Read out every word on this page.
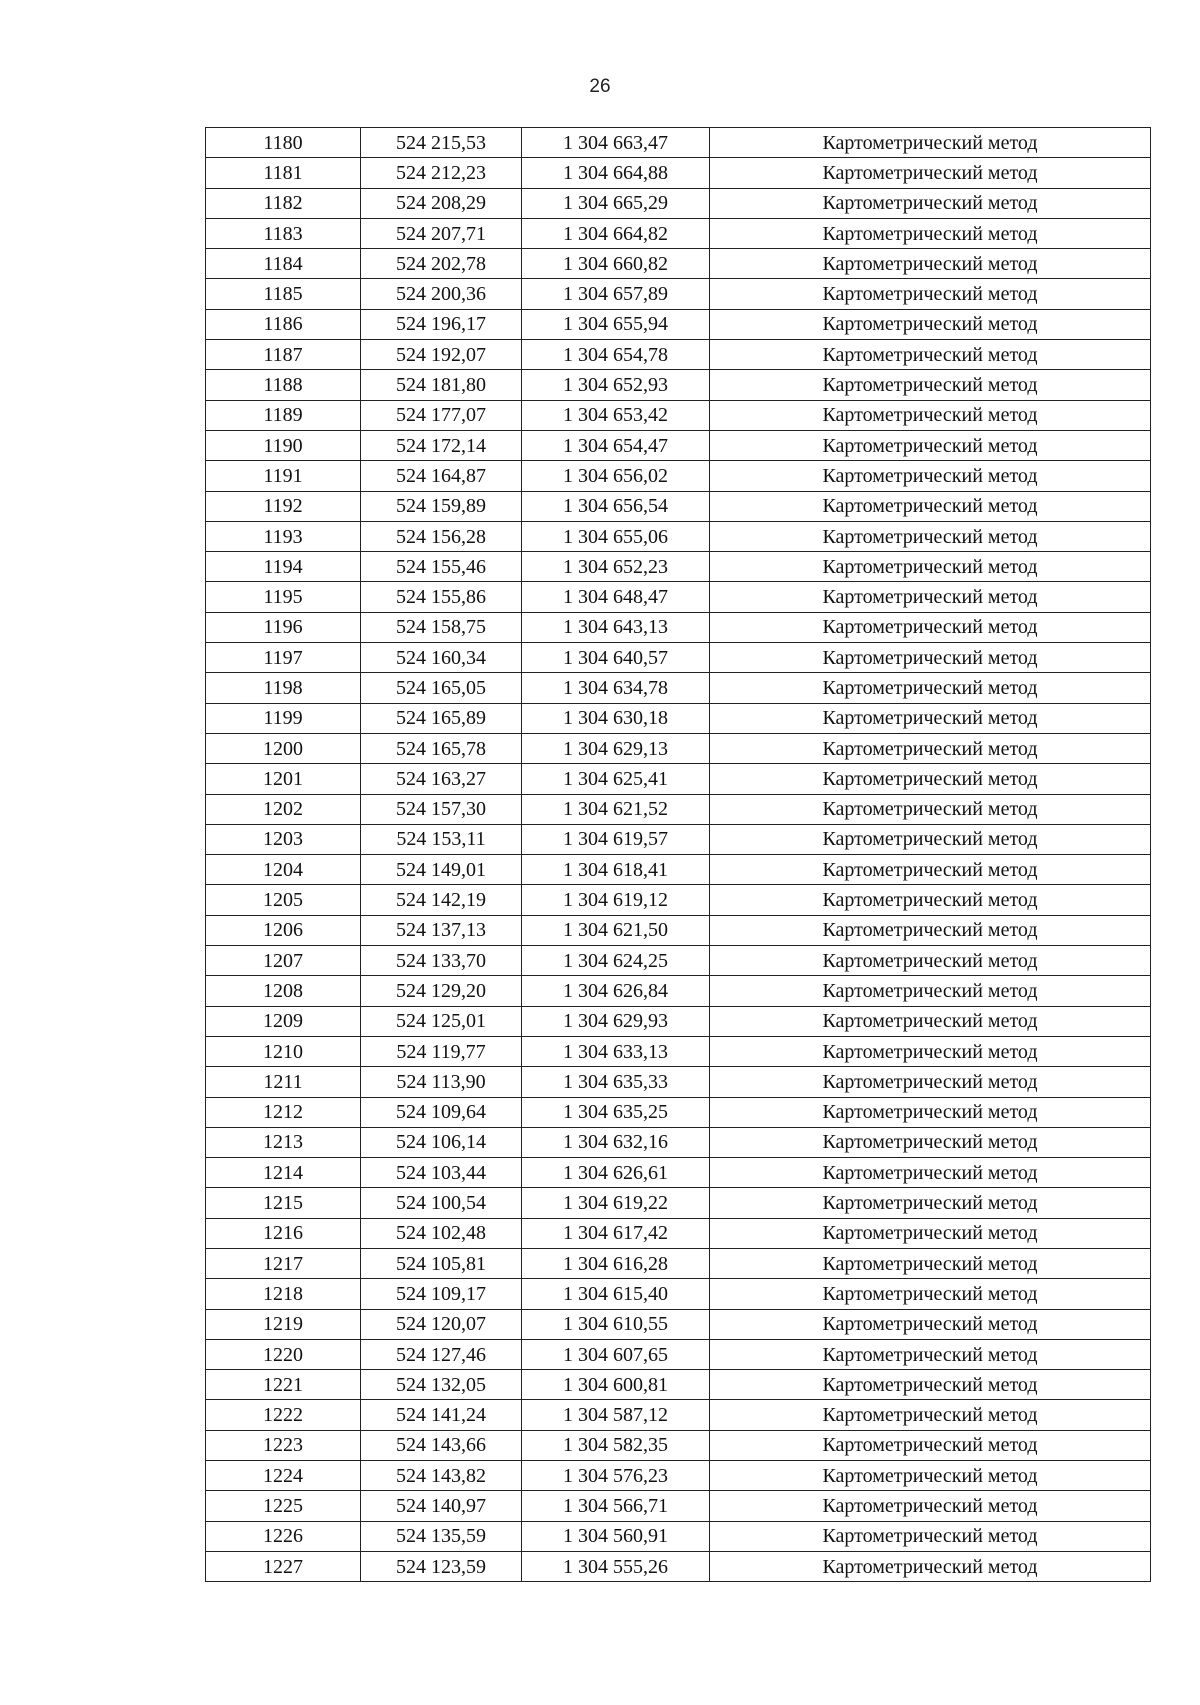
26
1180	524 215,53	1 304 663,47	Картометрический метод
1181	524 212,23	1 304 664,88	Картометрический метод
1182	524 208,29	1 304 665,29	Картометрический метод
1183	524 207,71	1 304 664,82	Картометрический метод
1184	524 202,78	1 304 660,82	Картометрический метод
1185	524 200,36	1 304 657,89	Картометрический метод
1186	524 196,17	1 304 655,94	Картометрический метод
1187	524 192,07	1 304 654,78	Картометрический метод
1188	524 181,80	1 304 652,93	Картометрический метод
1189	524 177,07	1 304 653,42	Картометрический метод
1190	524 172,14	1 304 654,47	Картометрический метод
1191	524 164,87	1 304 656,02	Картометрический метод
1192	524 159,89	1 304 656,54	Картометрический метод
1193	524 156,28	1 304 655,06	Картометрический метод
1194	524 155,46	1 304 652,23	Картометрический метод
1195	524 155,86	1 304 648,47	Картометрический метод
1196	524 158,75	1 304 643,13	Картометрический метод
1197	524 160,34	1 304 640,57	Картометрический метод
1198	524 165,05	1 304 634,78	Картометрический метод
1199	524 165,89	1 304 630,18	Картометрический метод
1200	524 165,78	1 304 629,13	Картометрический метод
1201	524 163,27	1 304 625,41	Картометрический метод
1202	524 157,30	1 304 621,52	Картометрический метод
1203	524 153,11	1 304 619,57	Картометрический метод
1204	524 149,01	1 304 618,41	Картометрический метод
1205	524 142,19	1 304 619,12	Картометрический метод
1206	524 137,13	1 304 621,50	Картометрический метод
1207	524 133,70	1 304 624,25	Картометрический метод
1208	524 129,20	1 304 626,84	Картометрический метод
1209	524 125,01	1 304 629,93	Картометрический метод
1210	524 119,77	1 304 633,13	Картометрический метод
1211	524 113,90	1 304 635,33	Картометрический метод
1212	524 109,64	1 304 635,25	Картометрический метод
1213	524 106,14	1 304 632,16	Картометрический метод
1214	524 103,44	1 304 626,61	Картометрический метод
1215	524 100,54	1 304 619,22	Картометрический метод
1216	524 102,48	1 304 617,42	Картометрический метод
1217	524 105,81	1 304 616,28	Картометрический метод
1218	524 109,17	1 304 615,40	Картометрический метод
1219	524 120,07	1 304 610,55	Картометрический метод
1220	524 127,46	1 304 607,65	Картометрический метод
1221	524 132,05	1 304 600,81	Картометрический метод
1222	524 141,24	1 304 587,12	Картометрический метод
1223	524 143,66	1 304 582,35	Картометрический метод
1224	524 143,82	1 304 576,23	Картометрический метод
1225	524 140,97	1 304 566,71	Картометрический метод
1226	524 135,59	1 304 560,91	Картометрический метод
1227	524 123,59	1 304 555,26	Картометрический метод
